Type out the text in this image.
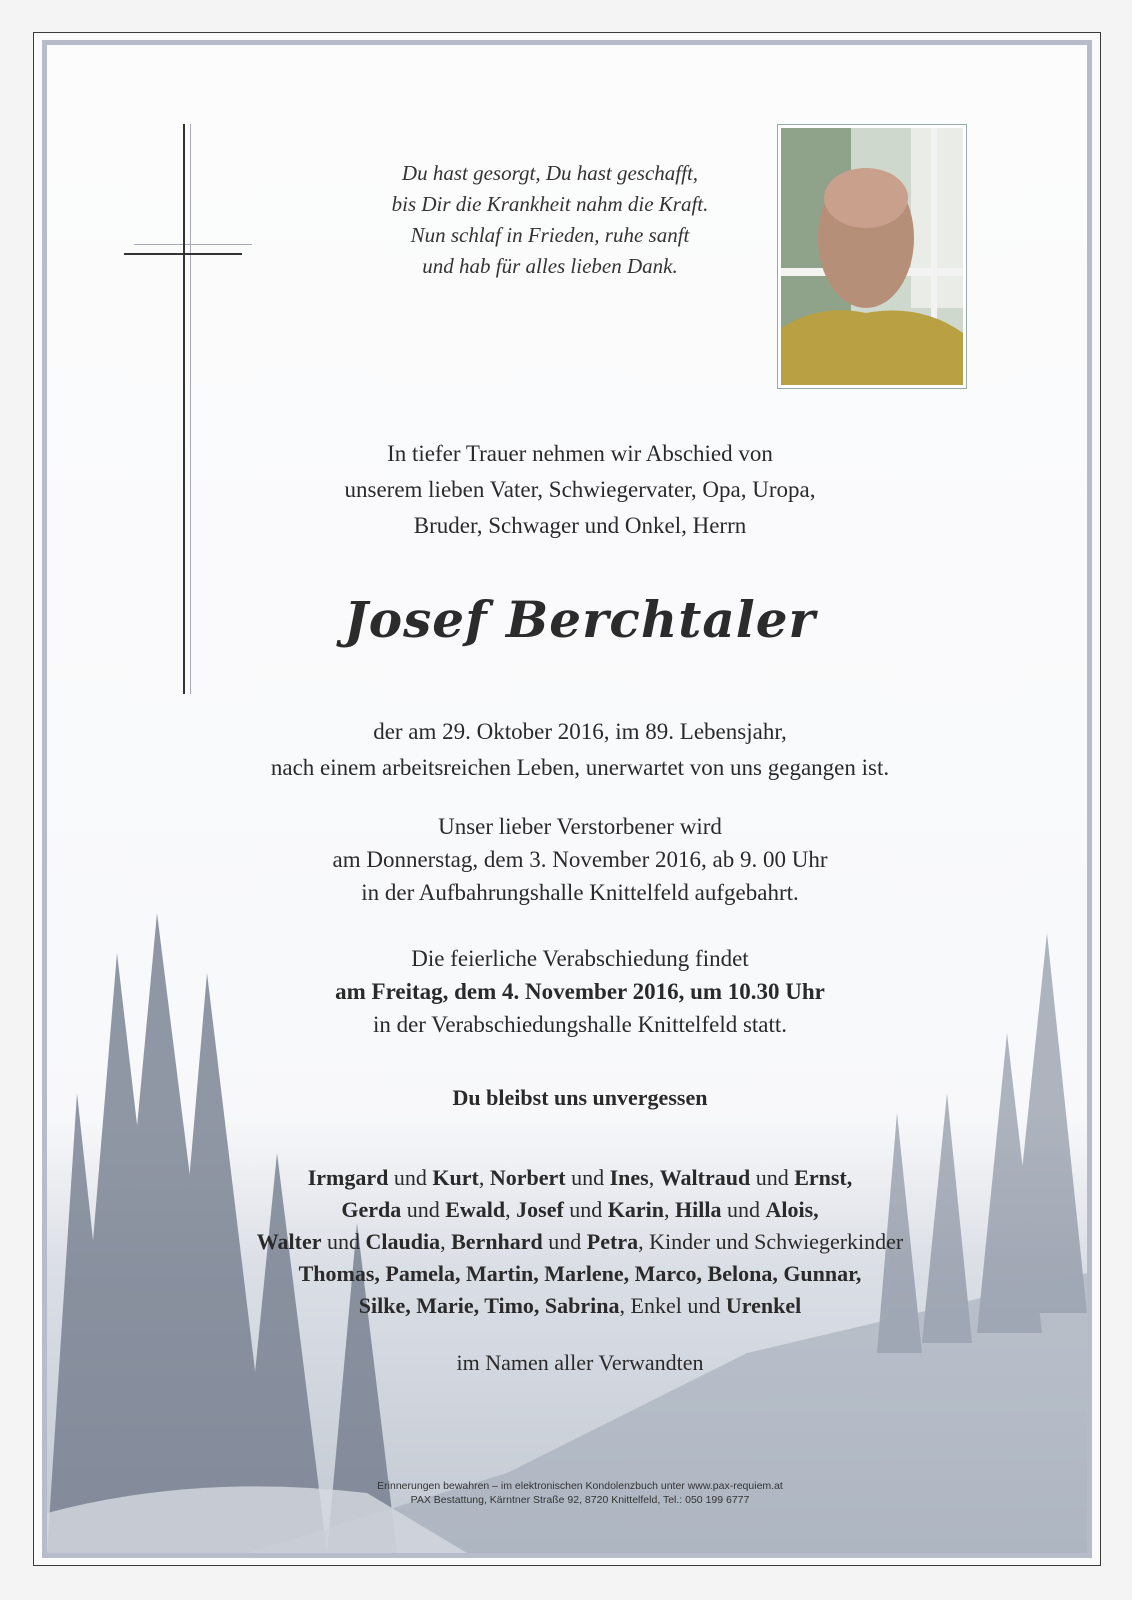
Du hast gesorgt, Du hast geschafft,
bis Dir die Krankheit nahm die Kraft.
Nun schlaf in Frieden, ruhe sanft
und hab für alles lieben Dank.
In tiefer Trauer nehmen wir Abschied von
unserem lieben Vater, Schwiegervater, Opa, Uropa,
Bruder, Schwager und Onkel, Herrn
Josef Berchtaler
der am 29. Oktober 2016, im 89. Lebensjahr,
nach einem arbeitsreichen Leben, unerwartet von uns gegangen ist.
Unser lieber Verstorbener wird
am Donnerstag, dem 3. November 2016, ab 9. 00 Uhr
in der Aufbahrungshalle Knittelfeld aufgebahrt.
Die feierliche Verabschiedung findet
am Freitag, dem 4. November 2016, um 10.30 Uhr
in der Verabschiedungshalle Knittelfeld statt.
Du bleibst uns unvergessen
Irmgard und Kurt, Norbert und Ines, Waltraud und Ernst,
Gerda und Ewald, Josef und Karin, Hilla und Alois,
Walter und Claudia, Bernhard und Petra, Kinder und Schwiegerkinder
Thomas, Pamela, Martin, Marlene, Marco, Belona, Gunnar,
Silke, Marie, Timo, Sabrina, Enkel und Urenkel
im Namen aller Verwandten
Erinnerungen bewahren – im elektronischen Kondolenzbuch unter www.pax-requiem.at
PAX Bestattung, Kärntner Straße 92, 8720 Knittelfeld, Tel.: 050 199 6777
